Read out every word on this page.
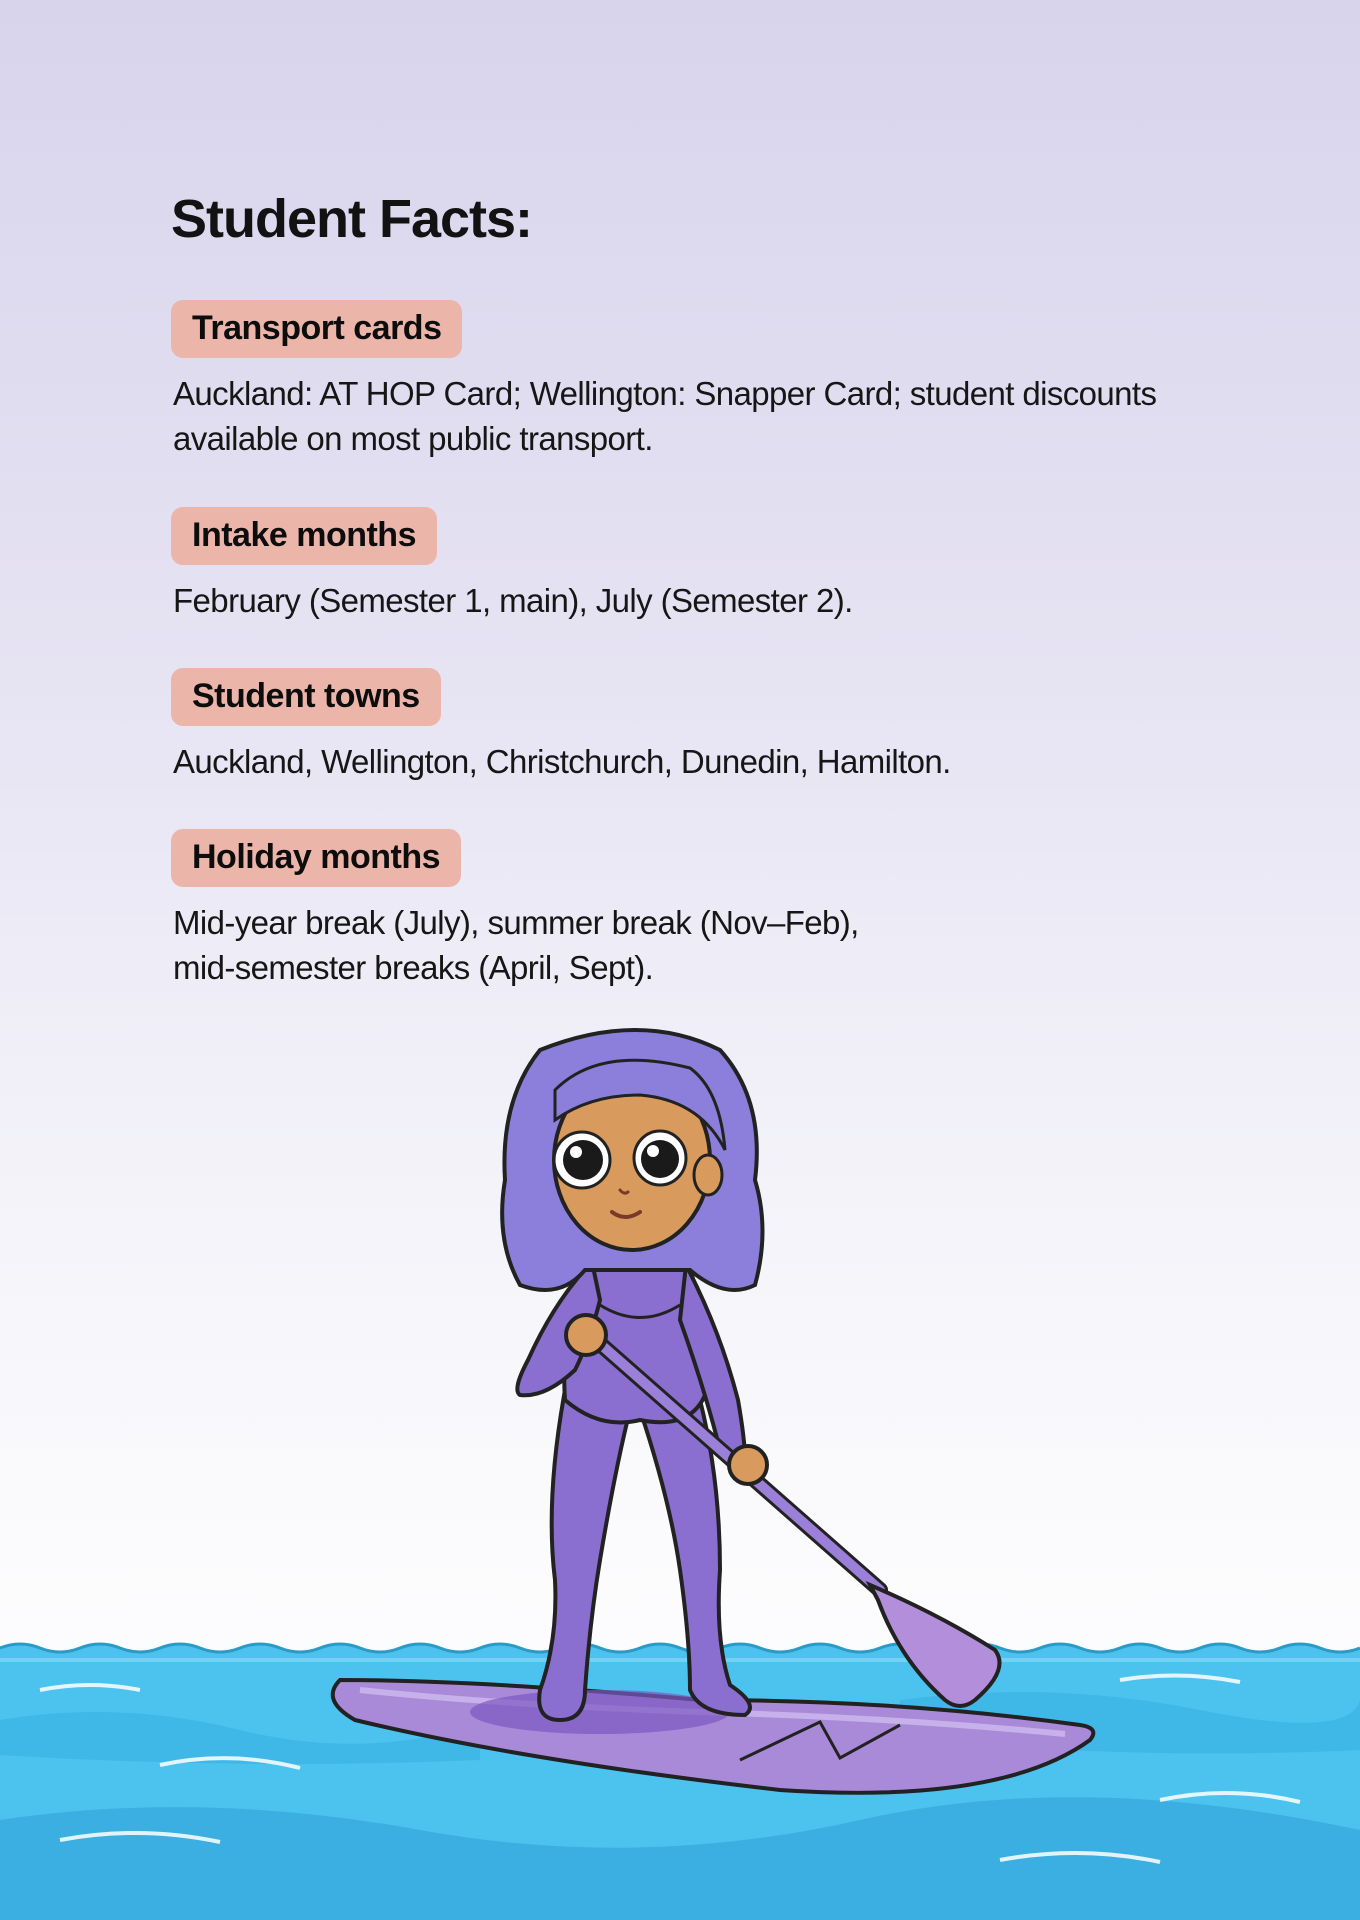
Student Facts:
Transport cards
Auckland: AT HOP Card; Wellington: Snapper Card; student discounts available on most public transport.
Intake months
February (Semester 1, main), July (Semester 2).
Student towns
Auckland, Wellington, Christchurch, Dunedin, Hamilton.
Holiday months
Mid-year break (July), summer break (Nov–Feb),
mid-semester breaks (April, Sept).
